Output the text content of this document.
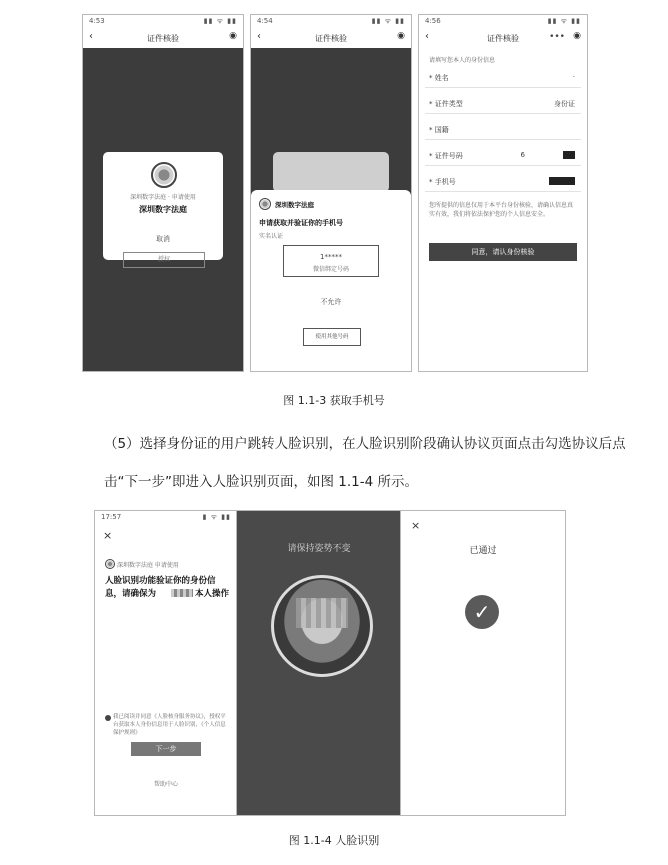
4:53	▮▮ ᯤ ▮▮
‹	证件核验	◉
深圳数字法庭 · 申请使用
深圳数字法庭
取消
授权
4:54	▮▮ ᯤ ▮▮
‹	证件核验	◉
深圳数字法庭
申请获取并验证你的手机号
实名认证
1*****
微信绑定号码
不允许
使用其他号码
4:56	▮▮ ᯤ ▮▮
‹	证件核验	••• ◉
请填写您本人的身份信息
* 姓名	·
* 证件类型	身份证
* 国籍
* 证件号码	6
* 手机号
您所提供的信息仅用于本平台身份核验，请确认信息真实有效，我们将依法保护您的个人信息安全。
同意，请认身份核验
图 1.1-3 获取手机号
（5）选择身份证的用户跳转人脸识别，在人脸识别阶段确认协议页面点击勾选协议后点
击“下一步”即进入人脸识别页面，如图 1.1-4 所示。
17:57	▮ ᯤ ▮▮
×
深圳数字法庭 申请使用
人脸识别功能验证你的身份信
息，请确保为	本人操作
我已阅读并同意《人脸核身服务协议》，授权平台获取本人身份信息用于人脸识别，《个人信息保护规则》
下一步
帮助中心
请保持姿势不变
×
已通过
✓
图 1.1-4 人脸识别
